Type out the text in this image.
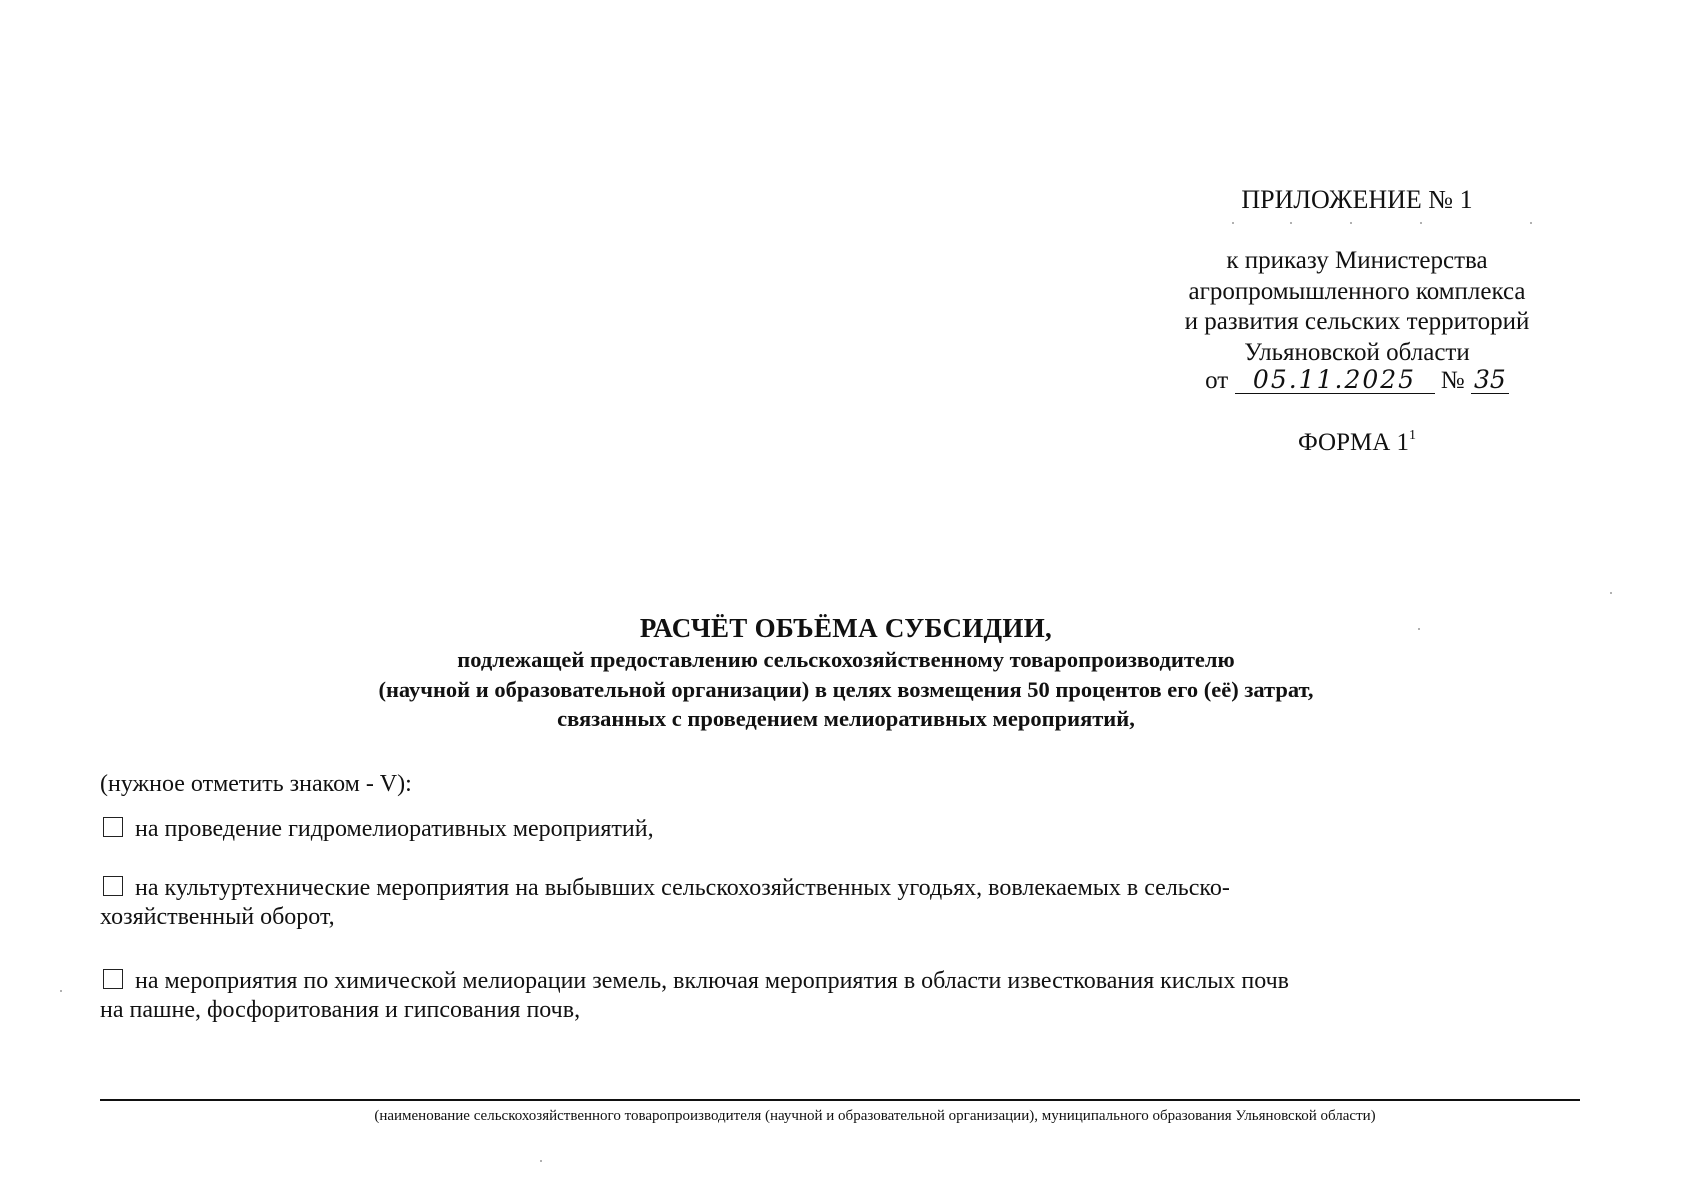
ПРИЛОЖЕНИЕ № 1
к приказу Министерства
агропромышленного комплекса
и развития сельских территорий
Ульяновской области
от 05.11.2025 № 35
ФОРМА $1^1$
РАСЧЁТ ОБЪЁМА СУБСИДИИ,
подлежащей предоставлению сельскохозяйственному товаропроизводителю
(научной и образовательной организации) в целях возмещения 50 процентов его (её) затрат,
связанных с проведением мелиоративных мероприятий,
(нужное отметить знаком - V):
на проведение гидромелиоративных мероприятий,
на культуртехнические мероприятия на выбывших сельскохозяйственных угодьях, вовлекаемых в сельско-
хозяйственный оборот,
на мероприятия по химической мелиорации земель, включая мероприятия в области известкования кислых почв
на пашне, фосфоритования и гипсования почв,
(наименование сельскохозяйственного товаропроизводителя (научной и образовательной организации), муниципального образования Ульяновской области)
